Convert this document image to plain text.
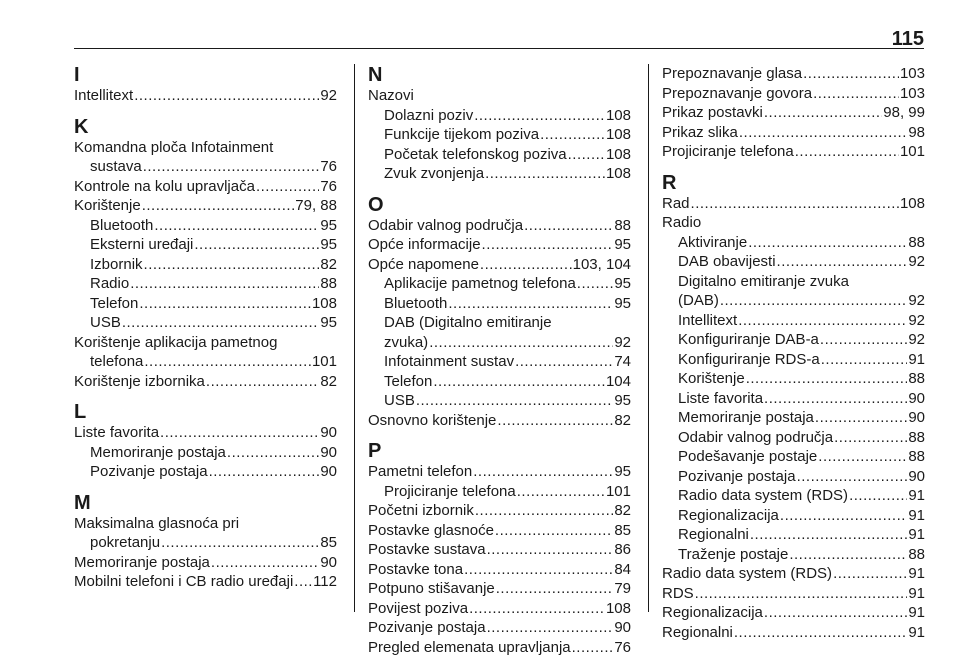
115
I
Intellitext .....	92
K
Komandna ploča Infotainment
sustava .....	76
Kontrole na kolu upravljača .....	76
Korištenje .....	79, 88
Bluetooth .....	95
Eksterni uređaji .....	95
Izbornik .....	82
Radio .....	88
Telefon .....	108
USB .....	95
Korištenje aplikacija pametnog
telefona .....	101
Korištenje izbornika .....	82
L
Liste favorita .....	90
Memoriranje postaja .....	90
Pozivanje postaja .....	90
M
Maksimalna glasnoća pri
pokretanju .....	85
Memoriranje postaja .....	90
Mobilni telefoni i CB radio uređaji ..... 112
N
Nazovi
Dolazni poziv .....	108
Funkcije tijekom poziva .....	108
Početak telefonskog poziva .....	108
Zvuk zvonjenja .....	108
O
Odabir valnog područja .....	88
Opće informacije .....	95
Opće napomene .....	103, 104
Aplikacije pametnog telefona .....	95
Bluetooth .....	95
DAB (Digitalno emitiranje
zvuka) .....	92
Infotainment sustav .....	74
Telefon .....	104
USB .....	95
Osnovno korištenje .....	82
P
Pametni telefon .....	95
Projiciranje telefona .....	101
Početni izbornik .....	82
Postavke glasnoće .....	85
Postavke sustava .....	86
Postavke tona .....	84
Potpuno stišavanje .....	79
Povijest poziva .....	108
Pozivanje postaja .....	90
Pregled elemenata upravljanja .....	76
Prepoznavanje glasa .....	103
Prepoznavanje govora .....	103
Prikaz postavki .....	98, 99
Prikaz slika .....	98
Projiciranje telefona .....	101
R
Rad .....	108
Radio
Aktiviranje .....	88
DAB obavijesti .....	92
Digitalno emitiranje zvuka
(DAB) .....	92
Intellitext .....	92
Konfiguriranje DAB-a .....	92
Konfiguriranje RDS-a .....	91
Korištenje .....	88
Liste favorita .....	90
Memoriranje postaja .....	90
Odabir valnog područja .....	88
Podešavanje postaje .....	88
Pozivanje postaja .....	90
Radio data system (RDS) .....	91
Regionalizacija .....	91
Regionalni .....	91
Traženje postaje .....	88
Radio data system (RDS) .....	91
RDS .....	91
Regionalizacija .....	91
Regionalni .....	91
